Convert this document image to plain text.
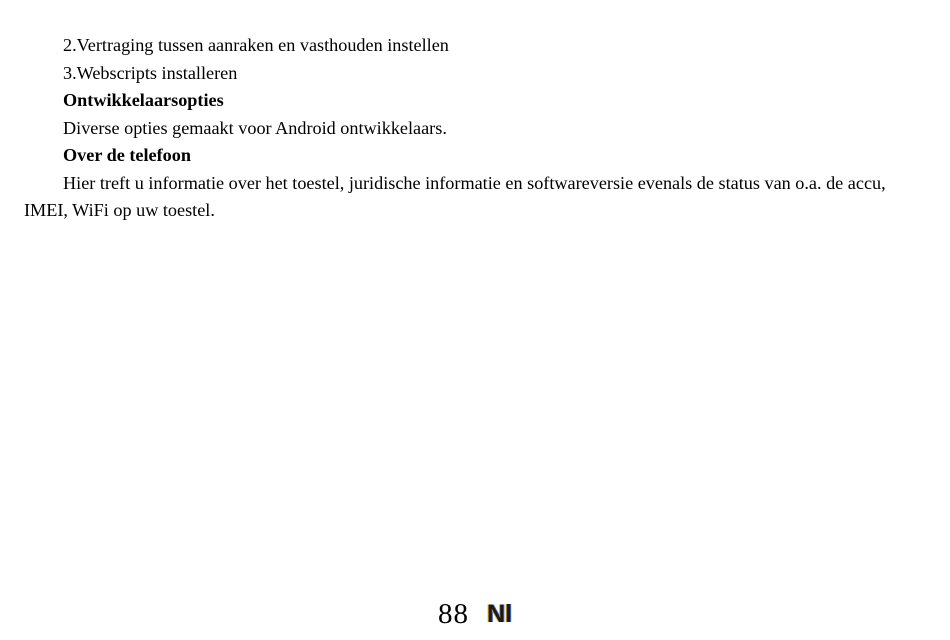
2.Vertraging tussen aanraken en vasthouden instellen

3.Webscripts installeren

Ontwikkelaarsopties

Diverse opties gemaakt voor Android ontwikkelaars.

Over de telefoon

Hier treft u informatie over het toestel, juridische informatie en softwareversie evenals de status van o.a. de accu, IMEI, WiFi op uw toestel.

88 Nl
